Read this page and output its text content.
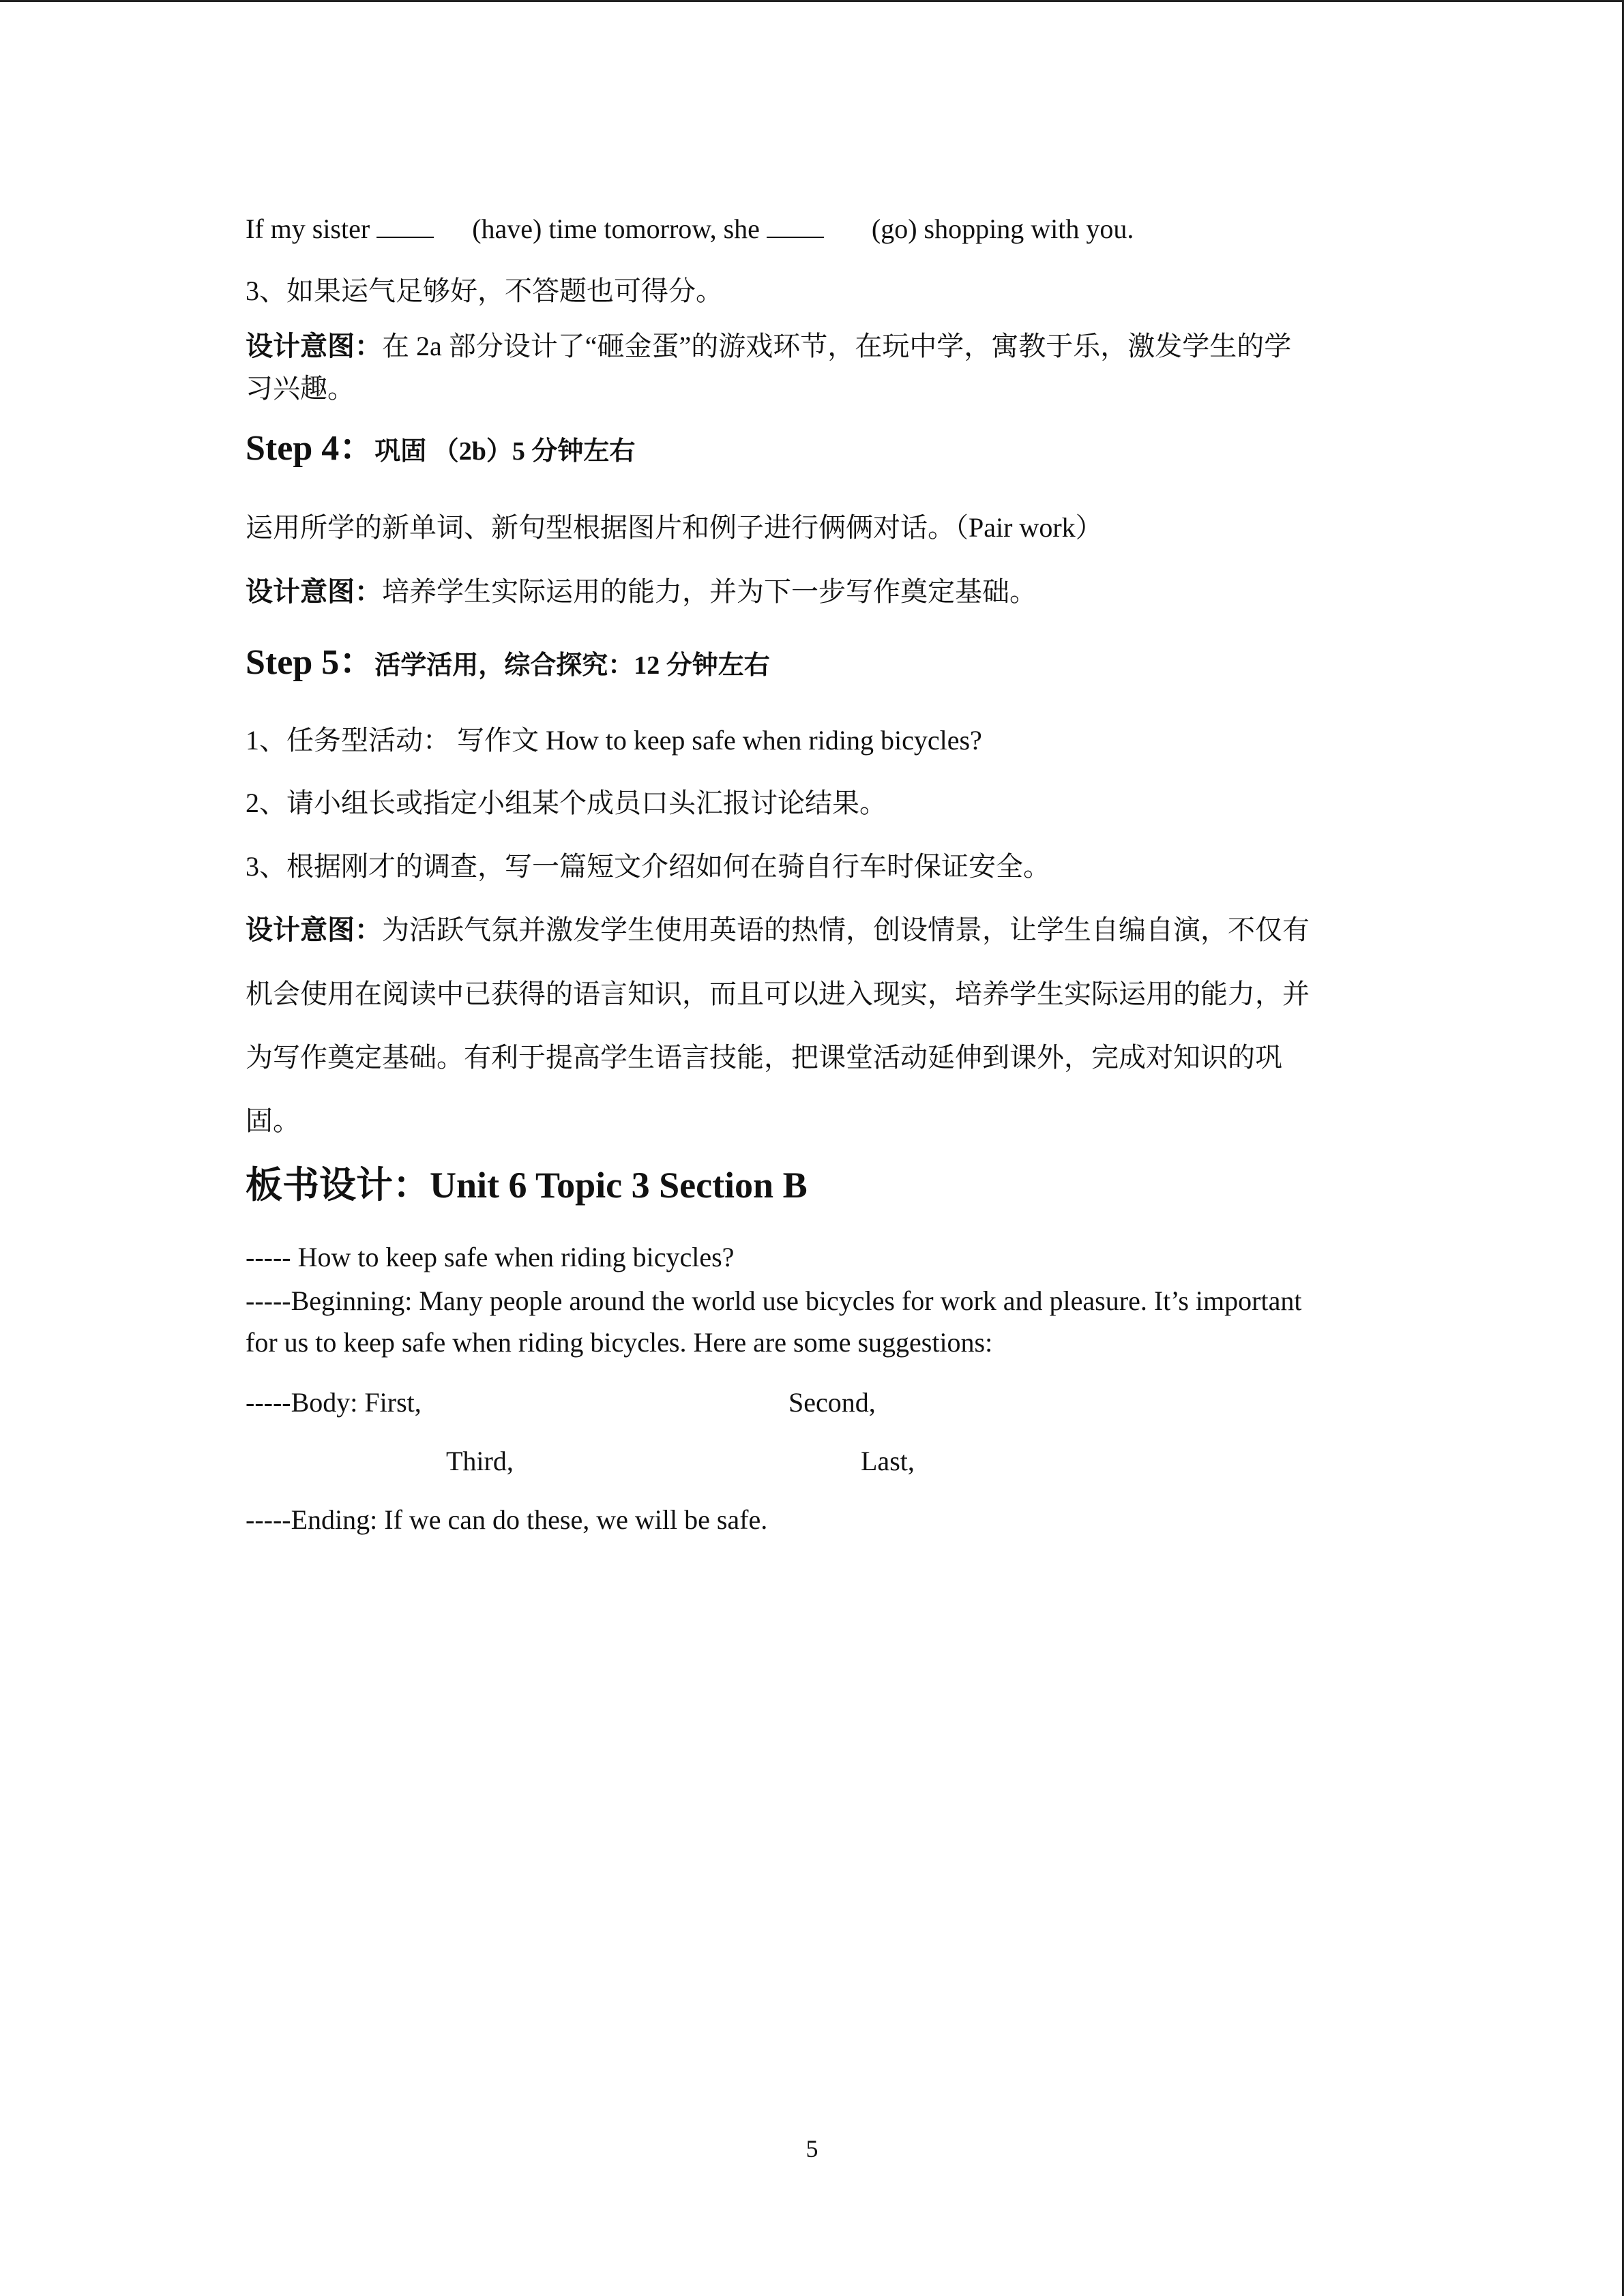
If my sister	(have) time tomorrow, she	(go) shopping with you.
3、如果运气足够好，不答题也可得分。
设计意图：在 2a 部分设计了“砸金蛋”的游戏环节，在玩中学，寓教于乐，激发学生的学
习兴趣。
Step 4：巩固 （2b）5 分钟左右
运用所学的新单词、新句型根据图片和例子进行俩俩对话。（Pair work）
设计意图：培养学生实际运用的能力，并为下一步写作奠定基础。
Step 5：活学活用，综合探究：12 分钟左右
1、任务型活动： 写作文 How to keep safe when riding bicycles?
2、请小组长或指定小组某个成员口头汇报讨论结果。
3、根据刚才的调查，写一篇短文介绍如何在骑自行车时保证安全。
设计意图：为活跃气氛并激发学生使用英语的热情，创设情景，让学生自编自演，不仅有
机会使用在阅读中已获得的语言知识，而且可以进入现实，培养学生实际运用的能力，并
为写作奠定基础。有利于提高学生语言技能，把课堂活动延伸到课外，完成对知识的巩
固。
板书设计：Unit 6 Topic 3 Section B
----- How to keep safe when riding bicycles?
-----Beginning: Many people around the world use bicycles for work and pleasure. It’s important
for us to keep safe when riding bicycles. Here are some suggestions:
-----Body: First,	Second,
Third,	Last,
-----Ending: If we can do these, we will be safe.
5
